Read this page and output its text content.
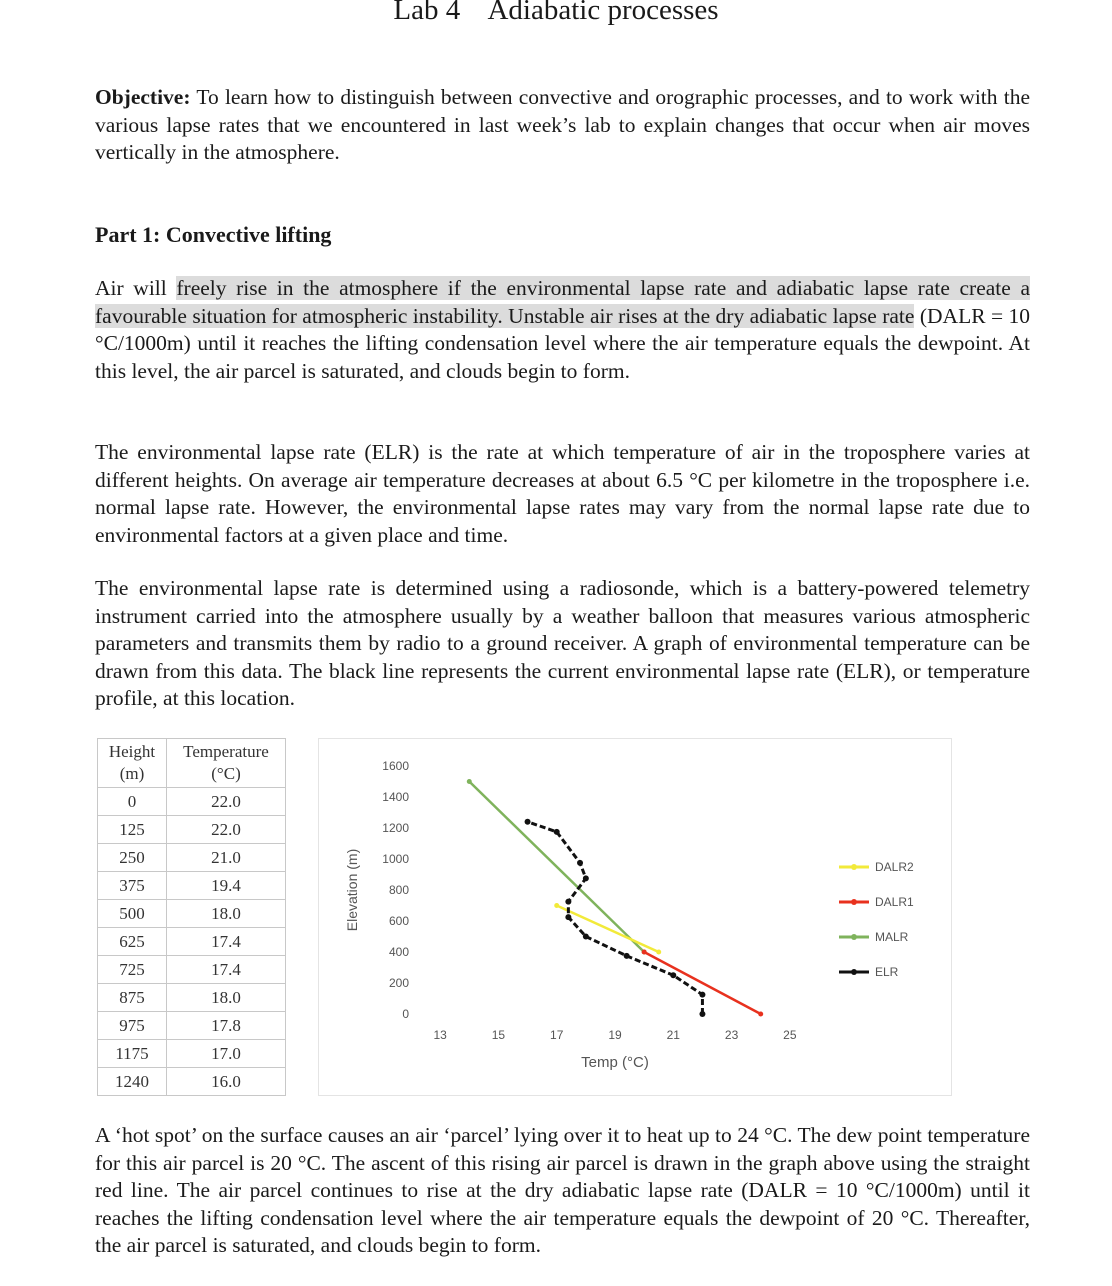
Lab 4 Adiabatic processes

Objective: To learn how to distinguish between convective and orographic processes, and to work with the various lapse rates that we encountered in last week’s lab to explain changes that occur when air moves vertically in the atmosphere.

Part 1: Convective lifting

Air will freely rise in the atmosphere if the environmental lapse rate and adiabatic lapse rate create a favourable situation for atmospheric instability. Unstable air rises at the dry adiabatic lapse rate (DALR = 10 °C/1000m) until it reaches the lifting condensation level where the air temperature equals the dewpoint. At this level, the air parcel is saturated, and clouds begin to form.

The environmental lapse rate (ELR) is the rate at which temperature of air in the troposphere varies at different heights. On average air temperature decreases at about 6.5 °C per kilometre in the troposphere i.e. normal lapse rate. However, the environmental lapse rates may vary from the normal lapse rate due to environmental factors at a given place and time.

The environmental lapse rate is determined using a radiosonde, which is a battery-powered telemetry instrument carried into the atmosphere usually by a weather balloon that measures various atmospheric parameters and transmits them by radio to a ground receiver. A graph of environmental temperature can be drawn from this data. The black line represents the current environmental lapse rate (ELR), or temperature profile, at this location.

Height (m)	Temperature (°C)
0	22.0
125	22.0
250	21.0
375	19.4
500	18.0
625	17.4
725	17.4
875	18.0
975	17.8
1175	17.0
1240	16.0
0
200
400
600
800
1000
1200
1400
1600
13	15	17	19	21	23	25
Temp (°C)
Elevation (m)	DALR2
DALR1
MALR
ELR

A ‘hot spot’ on the surface causes an air ‘parcel’ lying over it to heat up to 24 °C. The dew point temperature for this air parcel is 20 °C. The ascent of this rising air parcel is drawn in the graph above using the straight red line. The air parcel continues to rise at the dry adiabatic lapse rate (DALR = 10 °C/1000m) until it reaches the lifting condensation level where the air temperature equals the dewpoint of 20 °C. Thereafter, the air parcel is saturated, and clouds begin to form.
